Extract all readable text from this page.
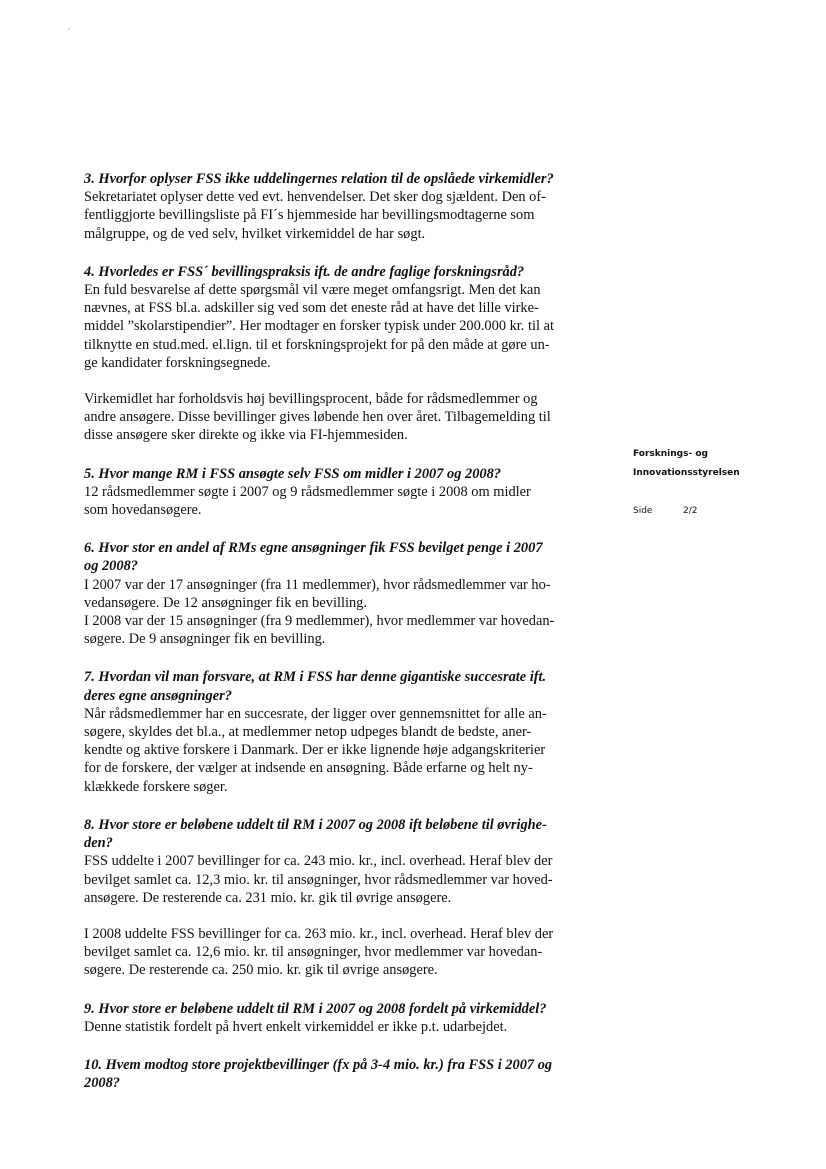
3. Hvorfor oplyser FSS ikke uddelingernes relation til de opslåede virkemidler?
Sekretariatet oplyser dette ved evt. henvendelser. Det sker dog sjældent. Den of-
fentliggjorte bevillingsliste på FI´s hjemmeside har bevillingsmodtagerne som
målgruppe, og de ved selv, hvilket virkemiddel de har søgt.
4. Hvorledes er FSS´ bevillingspraksis ift. de andre faglige forskningsråd?
En fuld besvarelse af dette spørgsmål vil være meget omfangsrigt. Men det kan
nævnes, at FSS bl.a. adskiller sig ved som det eneste råd at have det lille virke-
middel ”skolarstipendier”. Her modtager en forsker typisk under 200.000 kr. til at
tilknytte en stud.med. el.lign. til et forskningsprojekt for på den måde at gøre un-
ge kandidater forskningsegnede.
Virkemidlet har forholdsvis høj bevillingsprocent, både for rådsmedlemmer og
andre ansøgere. Disse bevillinger gives løbende hen over året. Tilbagemelding til
disse ansøgere sker direkte og ikke via FI-hjemmesiden.
5. Hvor mange RM i FSS ansøgte selv FSS om midler i 2007 og 2008?
12 rådsmedlemmer søgte i 2007 og 9 rådsmedlemmer søgte i 2008 om midler
som hovedansøgere.
6. Hvor stor en andel af RMs egne ansøgninger fik FSS bevilget penge i 2007
og 2008?
I 2007 var der 17 ansøgninger (fra 11 medlemmer), hvor rådsmedlemmer var ho-
vedansøgere. De 12 ansøgninger fik en bevilling.
I 2008 var der 15 ansøgninger (fra 9 medlemmer), hvor medlemmer var hovedan-
søgere. De 9 ansøgninger fik en bevilling.
7. Hvordan vil man forsvare, at RM i FSS har denne gigantiske succesrate ift.
deres egne ansøgninger?
Når rådsmedlemmer har en succesrate, der ligger over gennemsnittet for alle an-
søgere, skyldes det bl.a., at medlemmer netop udpeges blandt de bedste, aner-
kendte og aktive forskere i Danmark. Der er ikke lignende høje adgangskriterier
for de forskere, der vælger at indsende en ansøgning. Både erfarne og helt ny-
klækkede forskere søger.
8. Hvor store er beløbene uddelt til RM i 2007 og 2008 ift beløbene til øvrighe-
den?
FSS uddelte i 2007 bevillinger for ca. 243 mio. kr., incl. overhead. Heraf blev der
bevilget samlet ca. 12,3 mio. kr. til ansøgninger, hvor rådsmedlemmer var hoved-
ansøgere. De resterende ca. 231 mio. kr. gik til øvrige ansøgere.
I 2008 uddelte FSS bevillinger for ca. 263 mio. kr., incl. overhead. Heraf blev der
bevilget samlet ca. 12,6 mio. kr. til ansøgninger, hvor medlemmer var hovedan-
søgere. De resterende ca. 250 mio. kr. gik til øvrige ansøgere.
9. Hvor store er beløbene uddelt til RM i 2007 og 2008 fordelt på virkemiddel?
Denne statistik fordelt på hvert enkelt virkemiddel er ikke p.t. udarbejdet.
10. Hvem modtog store projektbevillinger (fx på 3-4 mio. kr.) fra FSS i 2007 og
2008?
Forsknings- og
Innovationsstyrelsen
Side	2/2
